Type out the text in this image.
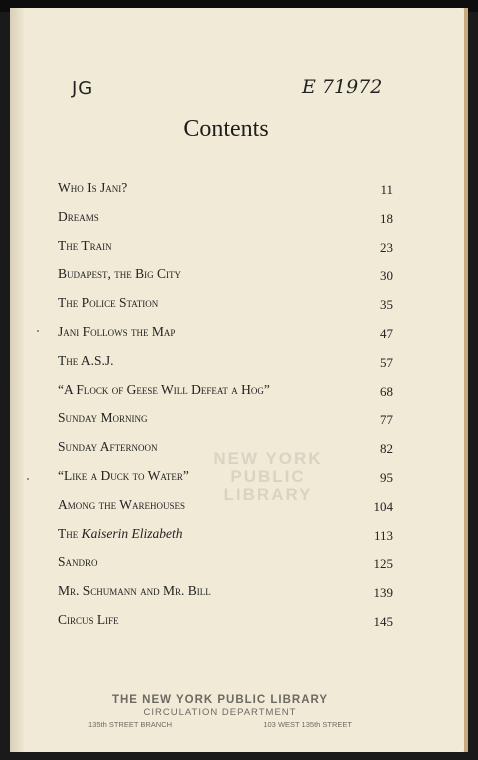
JG	E 71972
Contents
Who Is Jani?	11
Dreams	18
The Train	23
Budapest, the Big City	30
The Police Station	35
Jani Follows the Map	47
The A.S.J.	57
“A Flock of Geese Will Defeat a Hog”	68
Sunday Morning	77
Sunday Afternoon	82
“Like a Duck to Water”	95
Among the Warehouses	104
The Kaiserin Elizabeth	113
Sandro	125
Mr. Schumann and Mr. Bill	139
Circus Life	145
NEW YORK
PUBLIC
LIBRARY
THE NEW YORK PUBLIC LIBRARY
CIRCULATION DEPARTMENT
135th STREET BRANCH	103 WEST 135th STREET
